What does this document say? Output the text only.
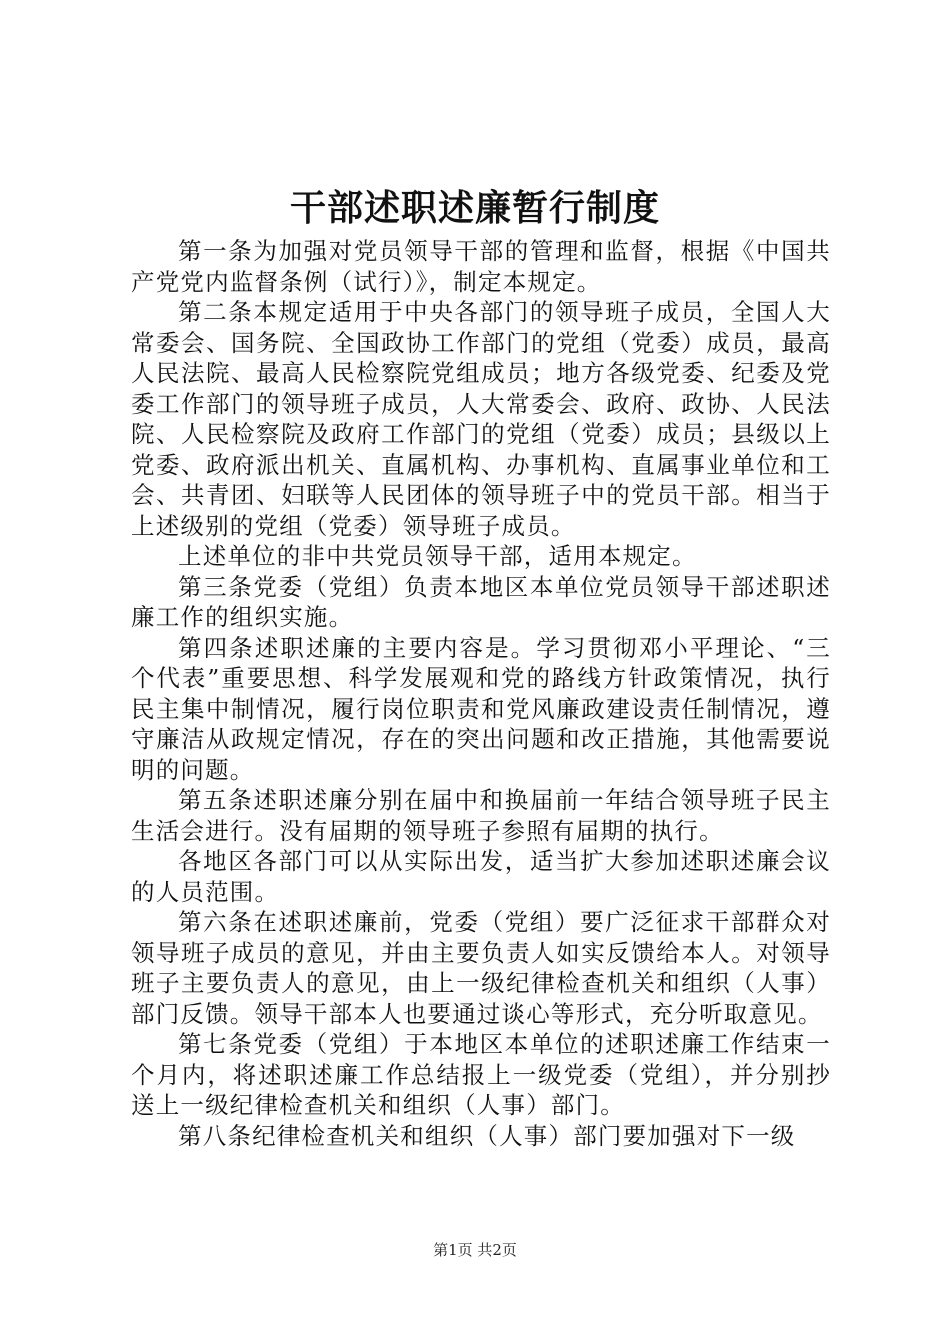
干部述职述廉暂行制度

第一条为加强对党员领导干部的管理和监督，根据《中国共产党党内监督条例（试行）》，制定本规定。

第二条本规定适用于中央各部门的领导班子成员，全国人大常委会、国务院、全国政协工作部门的党组（党委）成员，最高人民法院、最高人民检察院党组成员；地方各级党委、纪委及党委工作部门的领导班子成员，人大常委会、政府、政协、人民法院、人民检察院及政府工作部门的党组（党委）成员；县级以上党委、政府派出机关、直属机构、办事机构、直属事业单位和工会、共青团、妇联等人民团体的领导班子中的党员干部。相当于上述级别的党组（党委）领导班子成员。

上述单位的非中共党员领导干部，适用本规定。

第三条党委（党组）负责本地区本单位党员领导干部述职述廉工作的组织实施。

第四条述职述廉的主要内容是。学习贯彻邓小平理论、“三个代表”重要思想、科学发展观和党的路线方针政策情况，执行民主集中制情况，履行岗位职责和党风廉政建设责任制情况，遵守廉洁从政规定情况，存在的突出问题和改正措施，其他需要说明的问题。

第五条述职述廉分别在届中和换届前一年结合领导班子民主生活会进行。没有届期的领导班子参照有届期的执行。

各地区各部门可以从实际出发，适当扩大参加述职述廉会议的人员范围。

第六条在述职述廉前，党委（党组）要广泛征求干部群众对领导班子成员的意见，并由主要负责人如实反馈给本人。对领导班子主要负责人的意见，由上一级纪律检查机关和组织（人事）部门反馈。领导干部本人也要通过谈心等形式，充分听取意见。

第七条党委（党组）于本地区本单位的述职述廉工作结束一个月内，将述职述廉工作总结报上一级党委（党组），并分别抄送上一级纪律检查机关和组织（人事）部门。

第八条纪律检查机关和组织（人事）部门要加强对下一级

第1页 共2页
